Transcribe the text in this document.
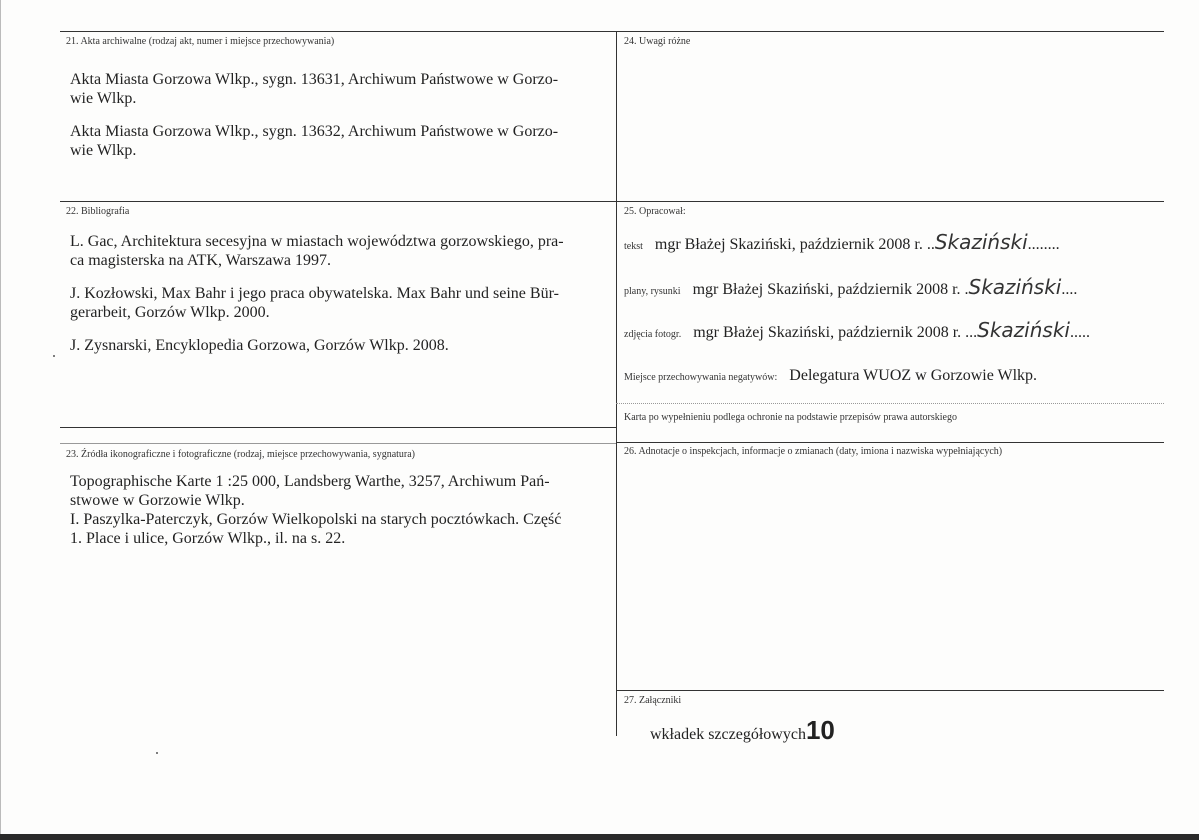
21. Akta archiwalne (rodzaj akt, numer i miejsce przechowywania)
Akta Miasta Gorzowa Wlkp., sygn. 13631, Archiwum Państwowe w Gorzo-
wie Wlkp.
Akta Miasta Gorzowa Wlkp., sygn. 13632, Archiwum Państwowe w Gorzo-
wie Wlkp.
24. Uwagi różne
22. Bibliografia
L. Gac, Architektura secesyjna w miastach województwa gorzowskiego, pra-
ca magisterska na ATK, Warszawa 1997.
J. Kozłowski, Max Bahr i jego praca obywatelska. Max Bahr und seine Bür-
gerarbeit, Gorzów Wlkp. 2000.
J. Zysnarski, Encyklopedia Gorzowa, Gorzów Wlkp. 2008.
25. Opracował:
tekst mgr Błażej Skaziński, październik 2008 r. ..Skaziński........
plany, rysunki mgr Błażej Skaziński, październik 2008 r. .Skaziński....
zdjęcia fotogr. mgr Błażej Skaziński, październik 2008 r. ...Skaziński.....
Miejsce przechowywania negatywów: Delegatura WUOZ w Gorzowie Wlkp.
Karta po wypełnieniu podlega ochronie na podstawie przepisów prawa autorskiego
23. Źródła ikonograficzne i fotograficzne (rodzaj, miejsce przechowywania, sygnatura)
Topographische Karte 1 :25 000, Landsberg Warthe, 3257, Archiwum Pań-
stwowe w Gorzowie Wlkp.
I. Paszylka-Paterczyk, Gorzów Wielkopolski na starych pocztówkach. Część
1. Place i ulice, Gorzów Wlkp., il. na s. 22.
26. Adnotacje o inspekcjach, informacje o zmianach (daty, imiona i nazwiska wypełniających)
27. Załączniki
wkładek szczegółowych10
